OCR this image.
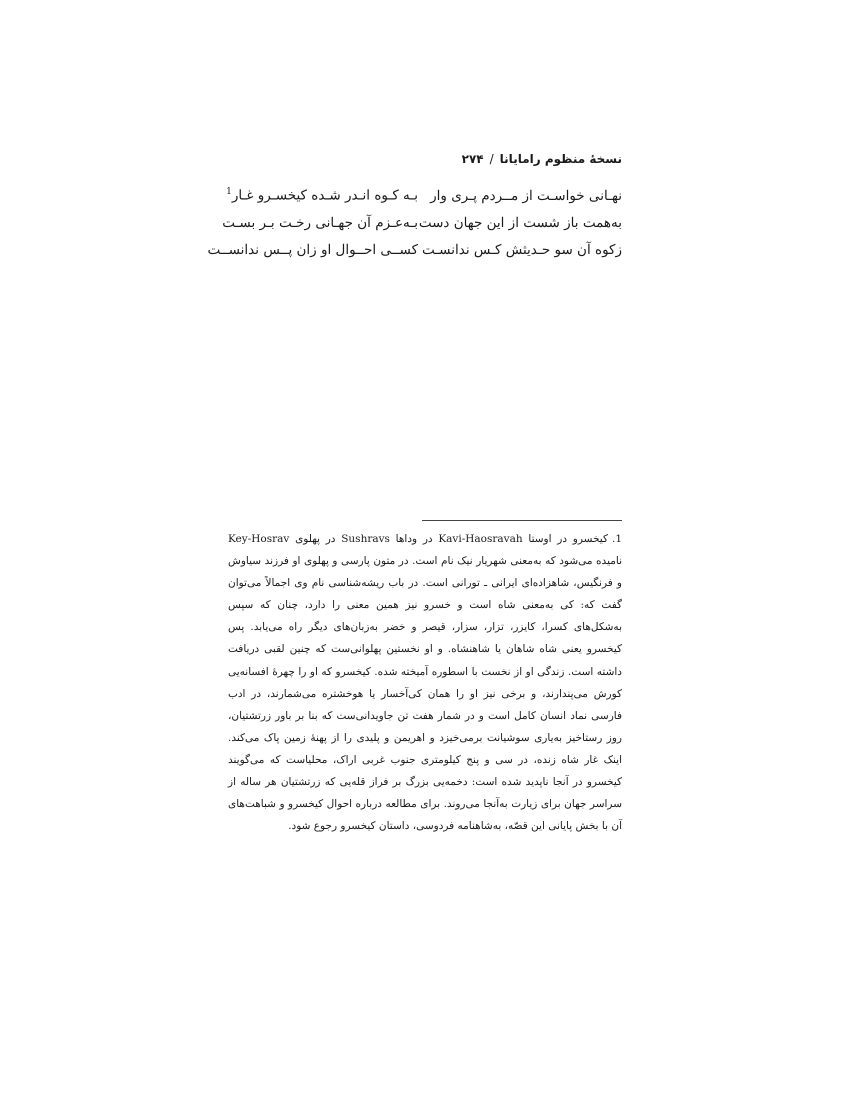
نسخهٔ منظوم رامایانا/۲۷۴
نهـانی خواسـت از مــردم پـری وار
بـه کـوه انـدر شـده کیخسـرو غـار$^1$
به‌همت باز شست از این جهان دست
بـه‌عـزم آن جهـانی رخـت بـر بسـت
زکوه آن سو حـدیثش کـس ندانسـت
کســی احــوال او زان پــس ندانســت
1.کیخسرو در اوستا Kavi-Haosravah در وداها Sushravs در پهلوی Key-Hosrav نامیده می‌شود که به‌معنی شهریار نیک نام است. در متون پارسی و پهلوی او فرزند سیاوش و فرنگیس، شاهزاده‌ای ایرانی ـ تورانی است. در باب ریشه‌شناسی نام وی اجمالاً می‌توان گفت که: کی به‌معنی شاه است و خسرو نیز همین معنی را دارد، چنان که سپس به‌شکل‌های کسرا، کایزر، تزار، سزار، قیصر و خضر به‌زبان‌های دیگر راه می‌یابد. پس کیخسرو یعنی شاه شاهان یا شاهنشاه. و او نخستین پهلوانی‌ست که چنین لقبی دریافت داشته است. زندگی او از نخست با اسطوره آمیخته شده. کیخسرو که او را چهرهٔ افسانه‌یی کورش می‌پندارند، و برخی نیز او را همان کی‌آخسار یا هوخشتره می‌شمارند، در ادب فارسی نماد انسان کامل است و در شمار هفت تن جاویدانی‌ست که بنا بر باور زرتشتیان، روز رستاخیز به‌یاری سوشیانت برمی‌خیزد و اهریمن و پلیدی را از پهنهٔ زمین پاک می‌کند. اینک غار شاه زنده، در سی و پنج کیلومتری جنوب غربی اراک، محلیاست که می‌گویند کیخسرو در آنجا ناپدید شده است: دخمه‌یی بزرگ بر فراز قله‌یی که زرتشتیان هر ساله از سراسر جهان برای زیارت به‌آنجا می‌روند. برای مطالعه درباره احوال کیخسرو و شباهت‌های آن با بخش پایانی این قصّه، به‌شاهنامه فردوسی، داستان کیخسرو رجوع شود.
